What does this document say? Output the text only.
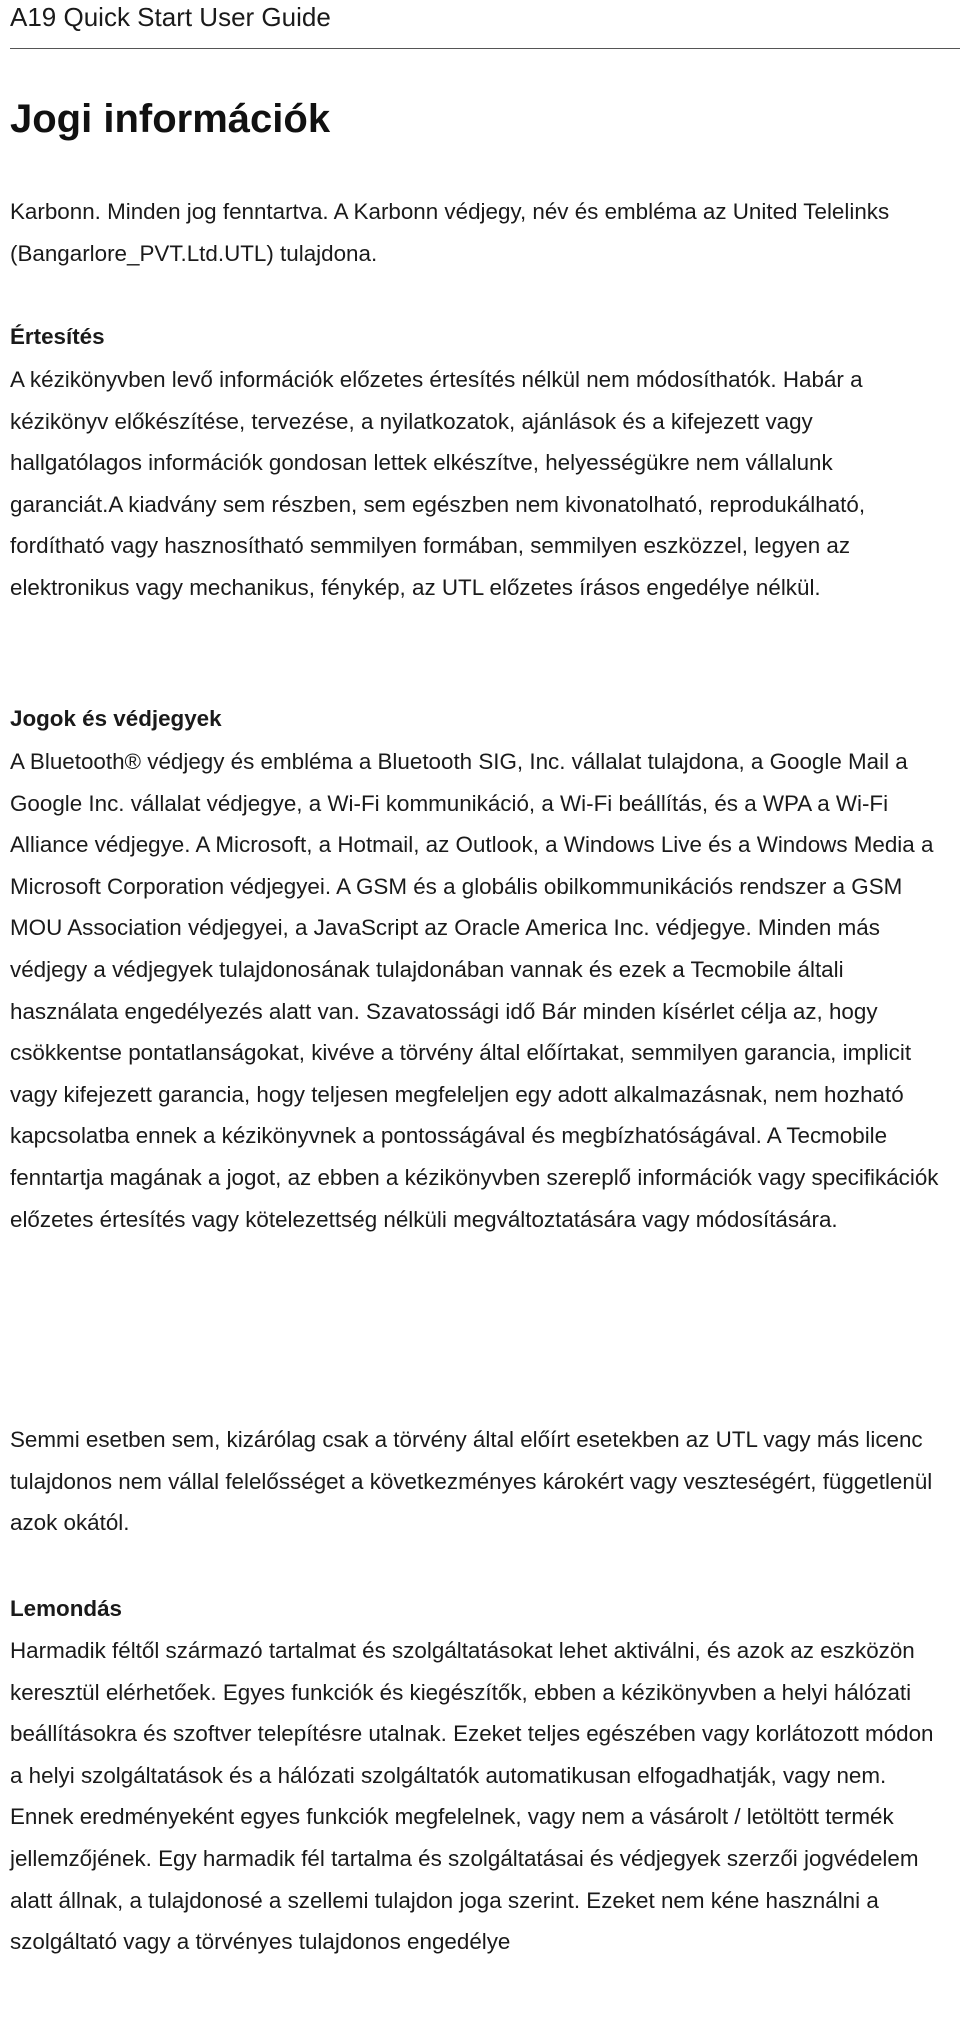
A19 Quick Start User Guide
Jogi információk

Karbonn. Minden jog fenntartva. A Karbonn védjegy, név és embléma az United Telelinks (Bangarlore_PVT.Ltd.UTL) tulajdona.

Értesítés

A kézikönyvben levő információk előzetes értesítés nélkül nem módosíthatók. Habár a kézikönyv előkészítése, tervezése, a nyilatkozatok, ajánlások és a kifejezett vagy hallgatólagos információk gondosan lettek elkészítve, helyességükre nem vállalunk garanciát.A kiadvány sem részben, sem egészben nem kivonatolható, reprodukálható, fordítható vagy hasznosítható semmilyen formában, semmilyen eszközzel, legyen az elektronikus vagy mechanikus, fénykép, az UTL előzetes írásos engedélye nélkül.

Jogok és védjegyek

A Bluetooth® védjegy és embléma a Bluetooth SIG, Inc. vállalat tulajdona, a Google Mail a Google Inc. vállalat védjegye, a Wi-Fi kommunikáció, a Wi-Fi beállítás, és a WPA a Wi-Fi Alliance védjegye. A Microsoft, a Hotmail, az Outlook, a Windows Live és a Windows Media a Microsoft Corporation védjegyei. A GSM és a globális obilkommunikációs rendszer a GSM MOU Association védjegyei, a JavaScript az Oracle America Inc. védjegye. Minden más védjegy a védjegyek tulajdonosának tulajdonában vannak és ezek a Tecmobile általi használata engedélyezés alatt van. Szavatossági idő Bár minden kísérlet célja az, hogy csökkentse pontatlanságokat, kivéve a törvény által előírtakat, semmilyen garancia, implicit vagy kifejezett garancia, hogy teljesen megfeleljen egy adott alkalmazásnak, nem hozható kapcsolatba ennek a kézikönyvnek a pontosságával és megbízhatóságával. A Tecmobile fenntartja magának a jogot, az ebben a kézikönyvben szereplő információk vagy specifikációk előzetes értesítés vagy kötelezettség nélküli megváltoztatására vagy módosítására.

Semmi esetben sem, kizárólag csak a törvény által előírt esetekben az UTL vagy más licenc tulajdonos nem vállal felelősséget a következményes károkért vagy veszteségért, függetlenül azok okától.

Lemondás

Harmadik féltől származó tartalmat és szolgáltatásokat lehet aktiválni, és azok az eszközön keresztül elérhetőek. Egyes funkciók és kiegészítők, ebben a kézikönyvben a helyi hálózati beállításokra és szoftver telepítésre utalnak. Ezeket teljes egészében vagy korlátozott módon a helyi szolgáltatások és a hálózati szolgáltatók automatikusan elfogadhatják, vagy nem. Ennek eredményeként egyes funkciók megfelelnek, vagy nem a vásárolt / letöltött termék jellemzőjének. Egy harmadik fél tartalma és szolgáltatásai és védjegyek szerzői jogvédelem alatt állnak, a tulajdonosé a szellemi tulajdon joga szerint. Ezeket nem kéne használni a szolgáltató vagy a törvényes tulajdonos engedélye
